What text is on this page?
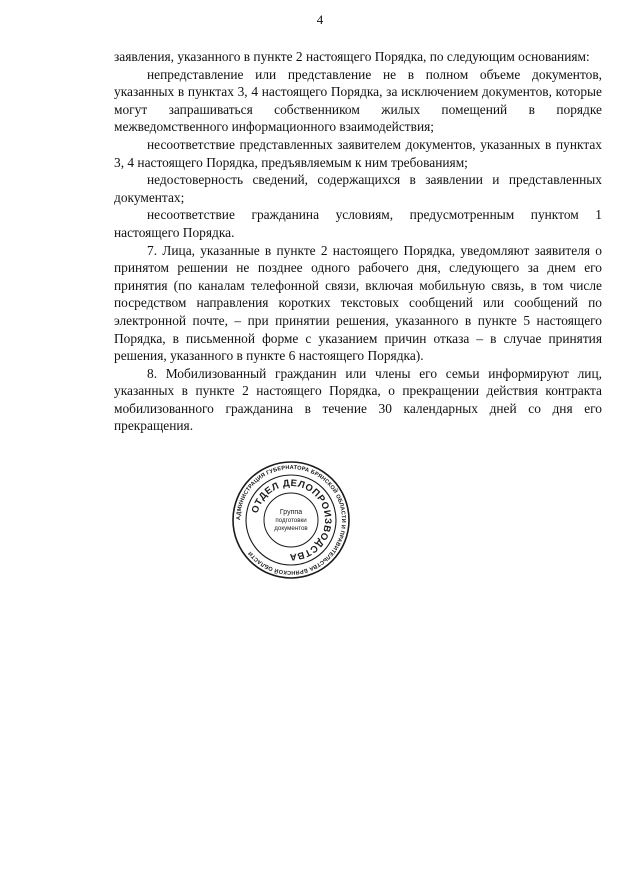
4

заявления, указанного в пункте 2 настоящего Порядка, по следующим основаниям:

непредставление или представление не в полном объеме документов, указанных в пунктах 3, 4 настоящего Порядка, за исключением документов, которые могут запрашиваться собственником жилых помещений в порядке межведомственного информационного взаимодействия;

несоответствие представленных заявителем документов, указанных в пунктах 3, 4 настоящего Порядка, предъявляемым к ним требованиям;

недостоверность сведений, содержащихся в заявлении и представленных документах;

несоответствие гражданина условиям, предусмотренным пунктом 1 настоящего Порядка.

7. Лица, указанные в пункте 2 настоящего Порядка, уведомляют заявителя о принятом решении не позднее одного рабочего дня, следующего за днем его принятия (по каналам телефонной связи, включая мобильную связь, в том числе посредством направления коротких текстовых сообщений или сообщений по электронной почте, – при принятии решения, указанного в пункте 5 настоящего Порядка, в письменной форме с указанием причин отказа – в случае принятия решения, указанного в пункте 6 настоящего Порядка).

8. Мобилизованный гражданин или члены его семьи информируют лиц, указанных в пункте 2 настоящего Порядка, о прекращении действия контракта мобилизованного гражданина в течение 30 календарных дней со дня его прекращения.

АДМИНИСТРАЦИЯ ГУБЕРНАТОРА БРЯНСКОЙ ОБЛАСТИ И ПРАВИТЕЛЬСТВА БРЯНСКОЙ ОБЛАСТИ
ОТДЕЛ ДЕЛОПРОИЗВОДСТВА
Группа
подготовки
документов
